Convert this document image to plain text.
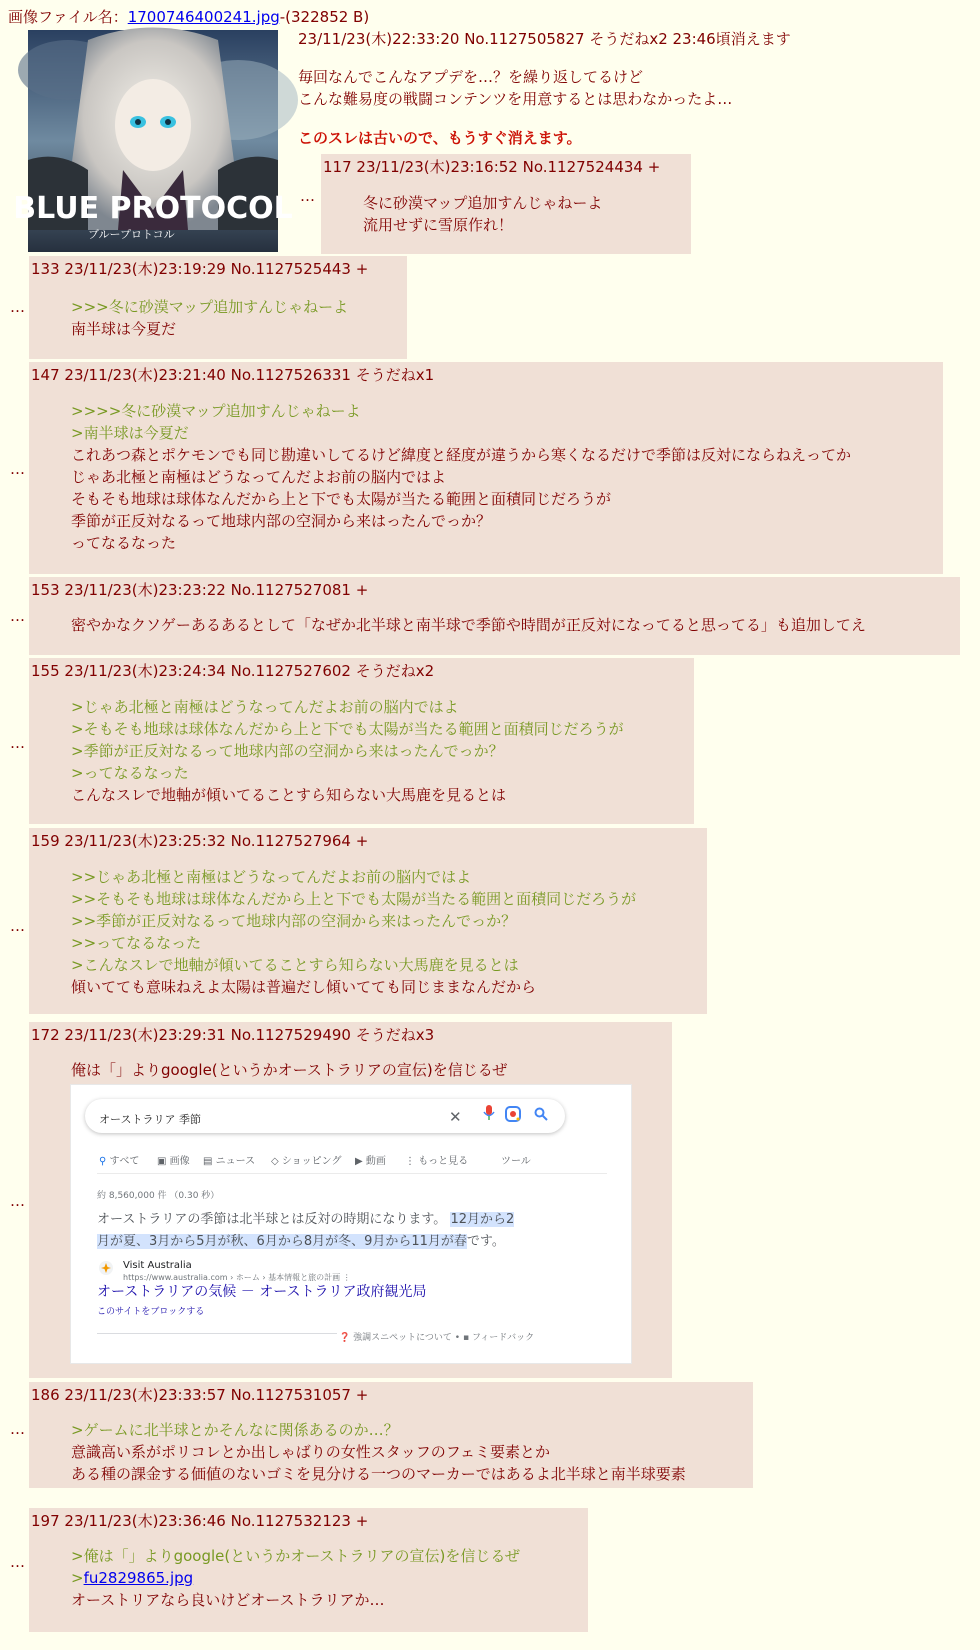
画像ファイル名：1700746400241.jpg-(322852 B)
BLUE PROTOCOL
ブループロトコル
23/11/23(木)22:33:20 No.1127505827 そうだねx2 23:46頃消えます
毎回なんでこんなアプデを…？を繰り返してるけど
こんな難易度の戦闘コンテンツを用意するとは思わなかったよ…
このスレは古いので、もうすぐ消えます。
…
117 23/11/23(木)23:16:52 No.1127524434 +
冬に砂漠マップ追加すんじゃねーよ
流用せずに雪原作れ！
…
133 23/11/23(木)23:19:29 No.1127525443 +
>>>冬に砂漠マップ追加すんじゃねーよ
南半球は今夏だ
…
147 23/11/23(木)23:21:40 No.1127526331 そうだねx1
>>>>冬に砂漠マップ追加すんじゃねーよ
>南半球は今夏だ
これあつ森とポケモンでも同じ勘違いしてるけど緯度と経度が違うから寒くなるだけで季節は反対にならねえってか
じゃあ北極と南極はどうなってんだよお前の脳内ではよ
そもそも地球は球体なんだから上と下でも太陽が当たる範囲と面積同じだろうが
季節が正反対なるって地球内部の空洞から来はったんでっか？
ってなるなった
…
153 23/11/23(木)23:23:22 No.1127527081 +
密やかなクソゲーあるあるとして「なぜか北半球と南半球で季節や時間が正反対になってると思ってる」も追加してえ
…
155 23/11/23(木)23:24:34 No.1127527602 そうだねx2
>じゃあ北極と南極はどうなってんだよお前の脳内ではよ
>そもそも地球は球体なんだから上と下でも太陽が当たる範囲と面積同じだろうが
>季節が正反対なるって地球内部の空洞から来はったんでっか？
>ってなるなった
こんなスレで地軸が傾いてることすら知らない大馬鹿を見るとは
…
159 23/11/23(木)23:25:32 No.1127527964 +
>>じゃあ北極と南極はどうなってんだよお前の脳内ではよ
>>そもそも地球は球体なんだから上と下でも太陽が当たる範囲と面積同じだろうが
>>季節が正反対なるって地球内部の空洞から来はったんでっか？
>>ってなるなった
>こんなスレで地軸が傾いてることすら知らない大馬鹿を見るとは
傾いてても意味ねえよ太陽は普遍だし傾いてても同じままなんだから
…
172 23/11/23(木)23:29:31 No.1127529490 そうだねx3
俺は「」よりgoogle(というかオーストラリアの宣伝)を信じるぜ
オーストラリア 季節	✕
⚲ すべて ▣ 画像 ▤ ニュース ◇ ショッピング ▶ 動画 ⋮ もっと見る	ツール
約 8,560,000 件 （0.30 秒）
オーストラリアの季節は北半球とは反対の時期になります。 12月から2
月が夏、3月から5月が秋、6月から8月が冬、9月から11月が春です。
Visit Australia
https://www.australia.com › ホーム › 基本情報と旅の計画 ⋮
オーストラリアの気候 － オーストラリア政府観光局
このサイトをブロックする
❓ 強調スニペットについて • ▪ フィードバック
…
186 23/11/23(木)23:33:57 No.1127531057 +
>ゲームに北半球とかそんなに関係あるのか…？
意識高い系がポリコレとか出しゃばりの女性スタッフのフェミ要素とか
ある種の課金する価値のないゴミを見分ける一つのマーカーではあるよ北半球と南半球要素
…
197 23/11/23(木)23:36:46 No.1127532123 +
>俺は「」よりgoogle(というかオーストラリアの宣伝)を信じるぜ
>fu2829865.jpg
オーストリアなら良いけどオーストラリアか…
